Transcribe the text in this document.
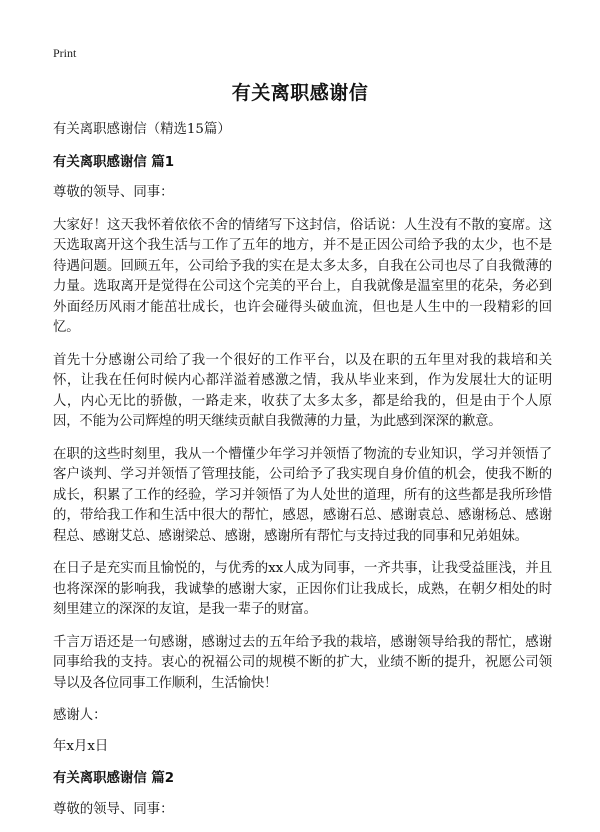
Print
有关离职感谢信

有关离职感谢信（精选15篇）

有关离职感谢信 篇1

尊敬的领导、同事：

大家好！这天我怀着依依不舍的情绪写下这封信，俗话说：人生没有不散的宴席。这天选取离开这个我生活与工作了五年的地方，并不是正因公司给予我的太少，也不是待遇问题。回顾五年，公司给予我的实在是太多太多，自我在公司也尽了自我微薄的力量。选取离开是觉得在公司这个完美的平台上，自我就像是温室里的花朵，务必到外面经历风雨才能茁壮成长，也许会碰得头破血流，但也是人生中的一段精彩的回忆。

首先十分感谢公司给了我一个很好的工作平台，以及在职的五年里对我的栽培和关怀，让我在任何时候内心都洋溢着感激之情，我从毕业来到，作为发展壮大的证明人，内心无比的骄傲，一路走来，收获了太多太多，都是给我的，但是由于个人原因，不能为公司辉煌的明天继续贡献自我微薄的力量，为此感到深深的歉意。

在职的这些时刻里，我从一个懵懂少年学习并领悟了物流的专业知识，学习并领悟了客户谈判、学习并领悟了管理技能，公司给予了我实现自身价值的机会，使我不断的成长，积累了工作的经验，学习并领悟了为人处世的道理，所有的这些都是我所珍惜的，带给我工作和生活中很大的帮忙，感恩，感谢石总、感谢袁总、感谢杨总、感谢程总、感谢艾总、感谢梁总、感谢，感谢所有帮忙与支持过我的同事和兄弟姐妹。

在日子是充实而且愉悦的，与优秀的xx人成为同事，一齐共事，让我受益匪浅，并且也将深深的影响我，我诚挚的感谢大家，正因你们让我成长，成熟，在朝夕相处的时刻里建立的深深的友谊，是我一辈子的财富。

千言万语还是一句感谢，感谢过去的五年给予我的栽培，感谢领导给我的帮忙，感谢同事给我的支持。衷心的祝福公司的规模不断的扩大，业绩不断的提升，祝愿公司领导以及各位同事工作顺利，生活愉快！

感谢人：

年x月x日

有关离职感谢信 篇2

尊敬的领导、同事：
